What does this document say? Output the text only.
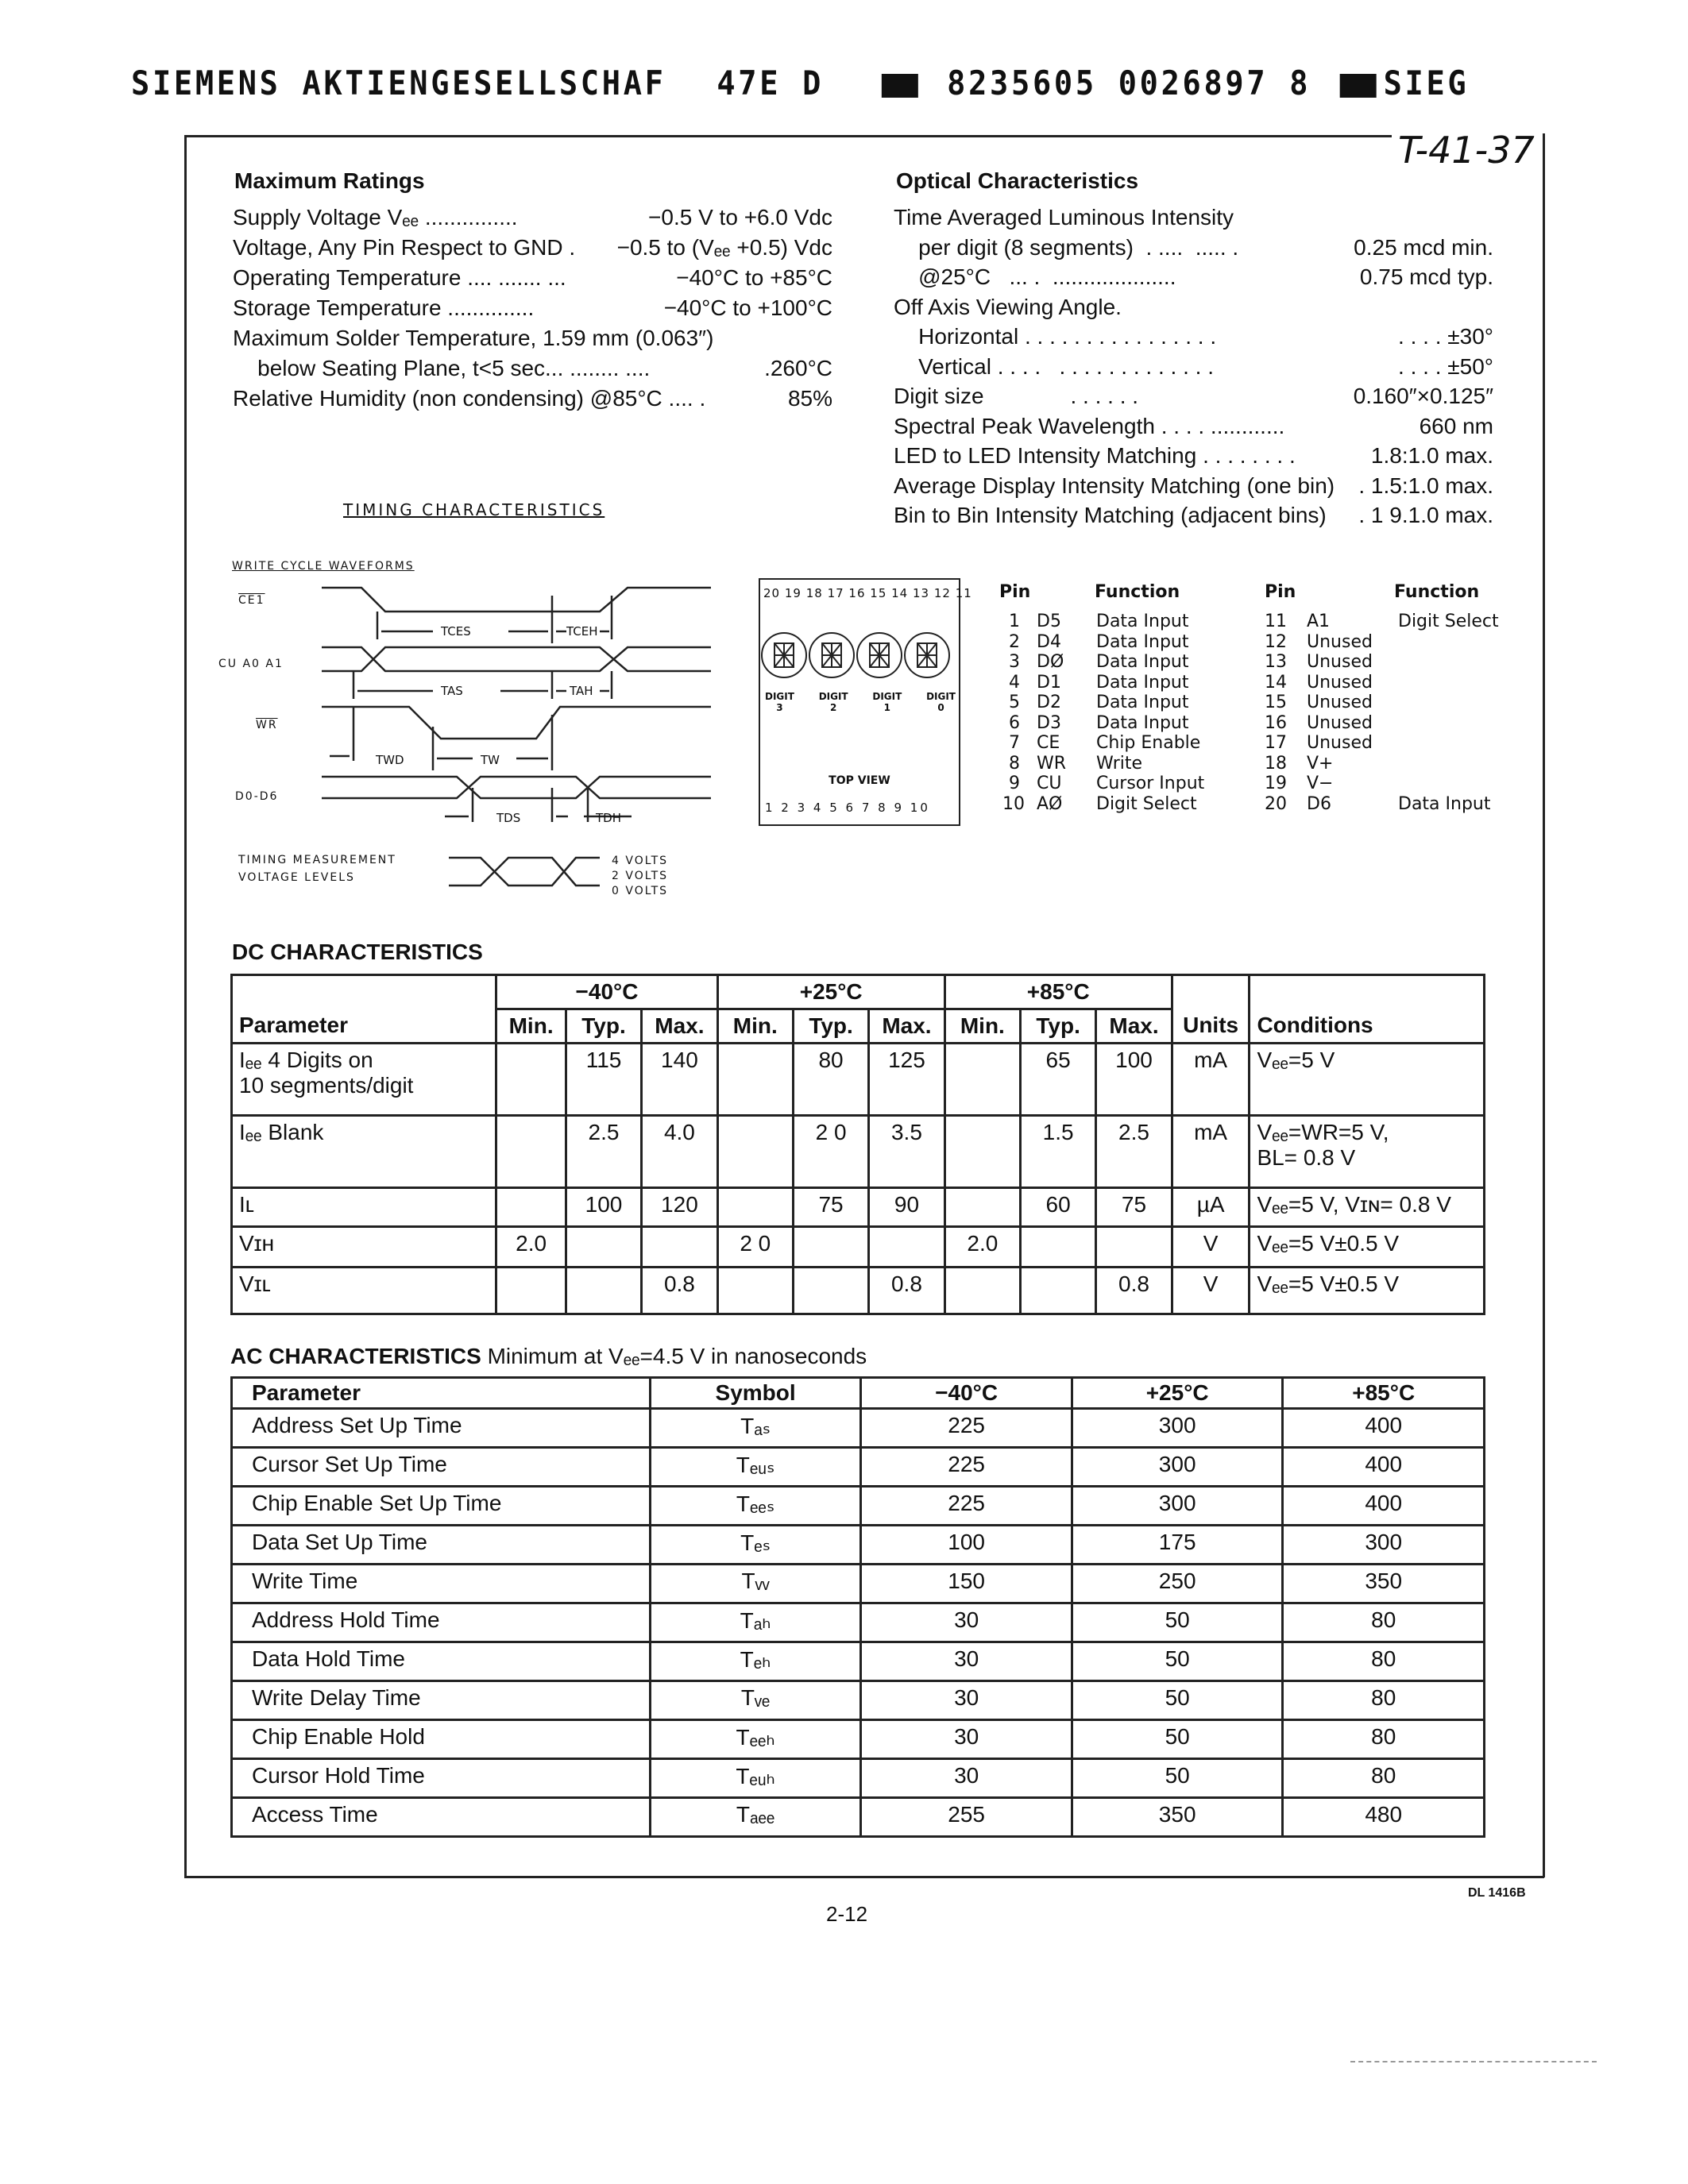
SIEMENS AKTIENGESELLSCHAF 47E D	8235605 0026897 8 SIEG
T-41-37
Maximum Ratings	Optical Characteristics
TIMING CHARACTERISTICS
WRITE CYCLE WAVEFORMS
CE1
CU A0 A1
$\overline{WR}$
D0-D6
TCES	TCEH
TAS	TAH
TWD	TW
TDS	TDH
TIMING MEASUREMENT
VOLTAGE LEVELS
4 VOLTS
2 VOLTS
0 VOLTS
20 19 18 17 16 15 14 13 12 11
DIGIT
3
DIGIT
2
DIGIT
1
DIGIT
0
TOP VIEW
1 2 3 4 5 6 7 8 9 10
Pin	Function	Pin	Function
DC CHARACTERISTICS
	−40°C			+25°C			+85°C				
Parameter	Min.	Typ.	Max.	Min.	Typ.	Max.	Min.	Typ.	Max.	Units	Conditions
Iₑₑ 4 Digits on
10 segments/digit		115	140		80	125		65	100	mA	Vₑₑ=5 V
Iₑₑ Blank		2.5	4.0		2 0	3.5		1.5	2.5	mA	Vₑₑ=WR=5 V,
BL= 0.8 V
Iʟ		100	120		75	90		60	75	µA	Vₑₑ=5 V, Vɪɴ= 0.8 V
Vɪʜ	2.0			2 0			2.0			V	Vₑₑ=5 V±0.5 V
Vɪʟ			0.8			0.8			0.8	V	Vₑₑ=5 V±0.5 V
AC CHARACTERISTICS Minimum at Vₑₑ=4.5 V in nanoseconds
Parameter	Symbol	−40°C	+25°C	+85°C
Address Set Up Time	Tₐₛ	225	300	400
Cursor Set Up Time	Tₑᵤₛ	225	300	400
Chip Enable Set Up Time	Tₑₑₛ	225	300	400
Data Set Up Time	Tₑₛ	100	175	300
Write Time	Tᵥᵥ	150	250	350
Address Hold Time	Tₐₕ	30	50	80
Data Hold Time	Tₑₕ	30	50	80
Write Delay Time	Tᵥₑ	30	50	80
Chip Enable Hold	Tₑₑₕ	30	50	80
Cursor Hold Time	Tₑᵤₕ	30	50	80
Access Time	Tₐₑₑ	255	350	480
DL 1416B
2-12
Supply Voltage Vₑₑ ...............	−0.5 V to +6.0 Vdc
Voltage, Any Pin Respect to GND . −0.5 to (Vₑₑ +0.5) Vdc
Operating Temperature .... ....... ...	−40°C to +85°C
Storage Temperature ..............	−40°C to +100°C
Maximum Solder Temperature, 1.59 mm (0.063″)
below Seating Plane, t<5 sec... ........ ....	.260°C
Relative Humidity (non condensing) @85°C .... .	85%
Time Averaged Luminous Intensity
per digit (8 segments)  . ....  ..... .	0.25 mcd min.
@25°C   ... .  ....................	0.75 mcd typ.
Off Axis Viewing Angle.
Horizontal . . . . . . . . . . . . . . . .	. . . . ±30°
Vertical . . . .   . . . . . . . . . . . . .	. . . . ±50°
Digit size              . . . . . .	0.160″×0.125″
Spectral Peak Wavelength . . . . ............	660 nm
LED to LED Intensity Matching . . . . . . . .	1.8:1.0 max.
Average Display Intensity Matching (one bin) . 1.5:1.0 max.
Bin to Bin Intensity Matching (adjacent bins) . 1 9.1.0 max.
1 D5 Data Input
2 D4 Data Input
3 DØ Data Input
4 D1 Data Input
5 D2 Data Input
6 D3 Data Input
7 CE Chip Enable
8 WR Write
9 CU Cursor Input
10 AØ Digit Select
11 A1	Digit Select
12 Unused
13 Unused
14 Unused
15 Unused
16 Unused
17 Unused
18 V+
19 V−
20 D6	Data Input
